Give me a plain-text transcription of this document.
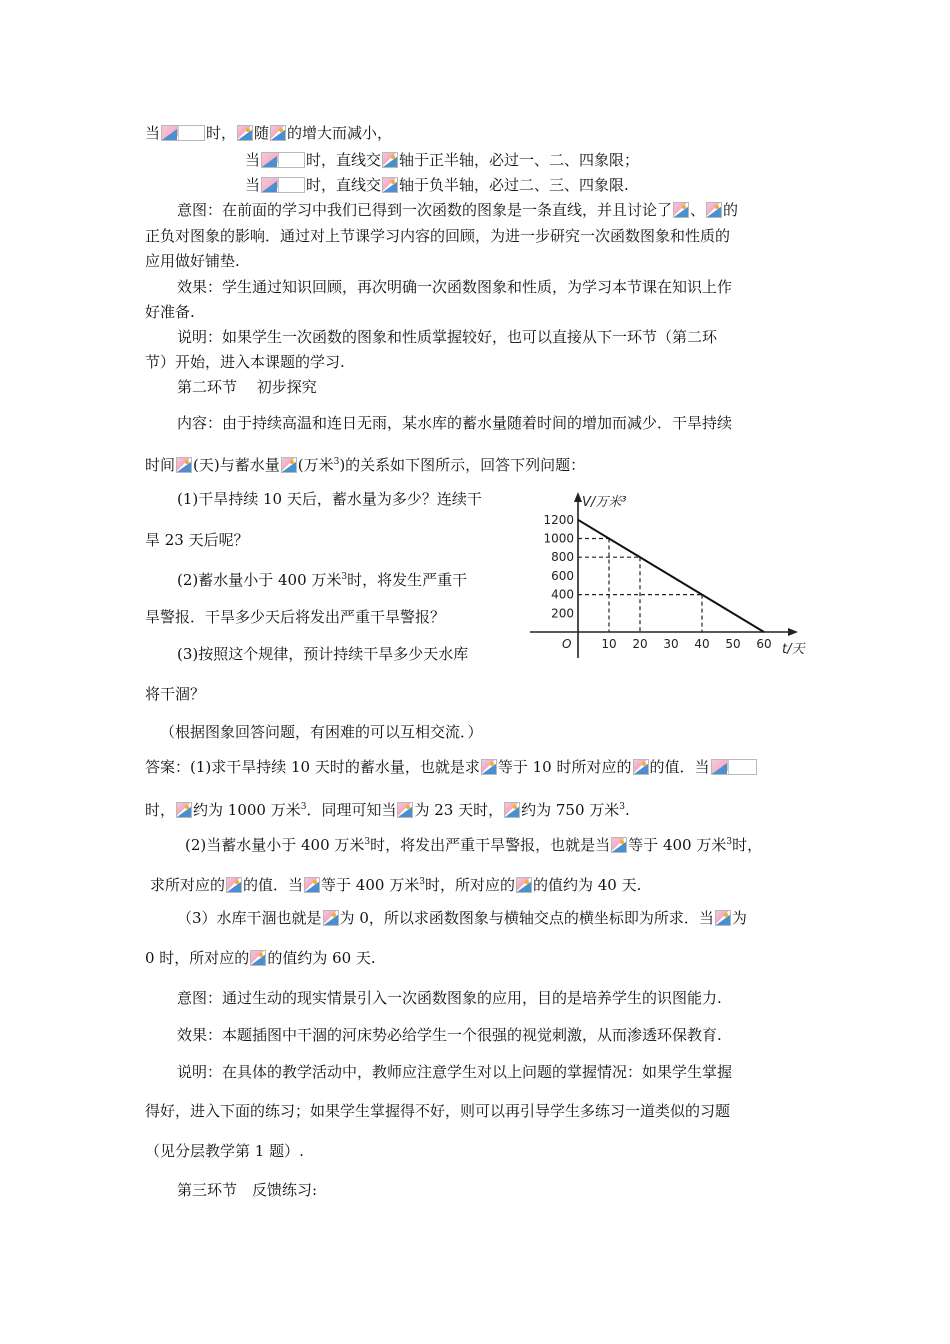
当	时， 随 的增大而减小，
当	时，直线交 轴于正半轴，必过一、二、四象限；
当	时，直线交 轴于负半轴，必过二、三、四象限.
意图：在前面的学习中我们已得到一次函数的图象是一条直线，并且讨论了 、 的
正负对图象的影响．通过对上节课学习内容的回顾，为进一步研究一次函数图象和性质的
应用做好铺垫.
效果：学生通过知识回顾，再次明确一次函数图象和性质，为学习本节课在知识上作
好准备.
说明：如果学生一次函数的图象和性质掌握较好，也可以直接从下一环节（第二环
节）开始，进入本课题的学习.
第二环节　 初步探究
内容：由于持续高温和连日无雨，某水库的蓄水量随着时间的增加而减少．干旱持续
时间 (天)与蓄水量 (万米$^3$)的关系如下图所示，回答下列问题：
(1)干旱持续 10 天后，蓄水量为多少？连续干
旱 23 天后呢？
(2)蓄水量小于 400 万米$^3$时，将发生严重干
旱警报．干旱多少天后将发出严重干旱警报？
(3)按照这个规律，预计持续干旱多少天水库
将干涸？
V/万米³
t/天
O 10 20 30 40 50 60
200
400
600
800
1000
1200
（根据图象回答问题，有困难的可以互相交流．）
答案：(1)求干旱持续 10 天时的蓄水量，也就是求 等于 10 时所对应的 的值．当
时， 约为 1000 万米$^3$．同理可知当 为 23 天时， 约为 750 万米$^3$.
(2)当蓄水量小于 400 万米$^3$时，将发出严重干旱警报，也就是当 等于 400 万米$^3$时，
求所对应的 的值．当 等于 400 万米$^3$时，所对应的 的值约为 40 天.
（3）水库干涸也就是 为 0，所以求函数图象与横轴交点的横坐标即为所求．当 为
0 时，所对应的 的值约为 60 天.
意图：通过生动的现实情景引入一次函数图象的应用，目的是培养学生的识图能力.
效果：本题插图中干涸的河床势必给学生一个很强的视觉刺激，从而渗透环保教育.
说明：在具体的教学活动中，教师应注意学生对以上问题的掌握情况：如果学生掌握
得好，进入下面的练习；如果学生掌握得不好，则可以再引导学生多练习一道类似的习题
（见分层教学第 1 题）.
第三环节　反馈练习:
